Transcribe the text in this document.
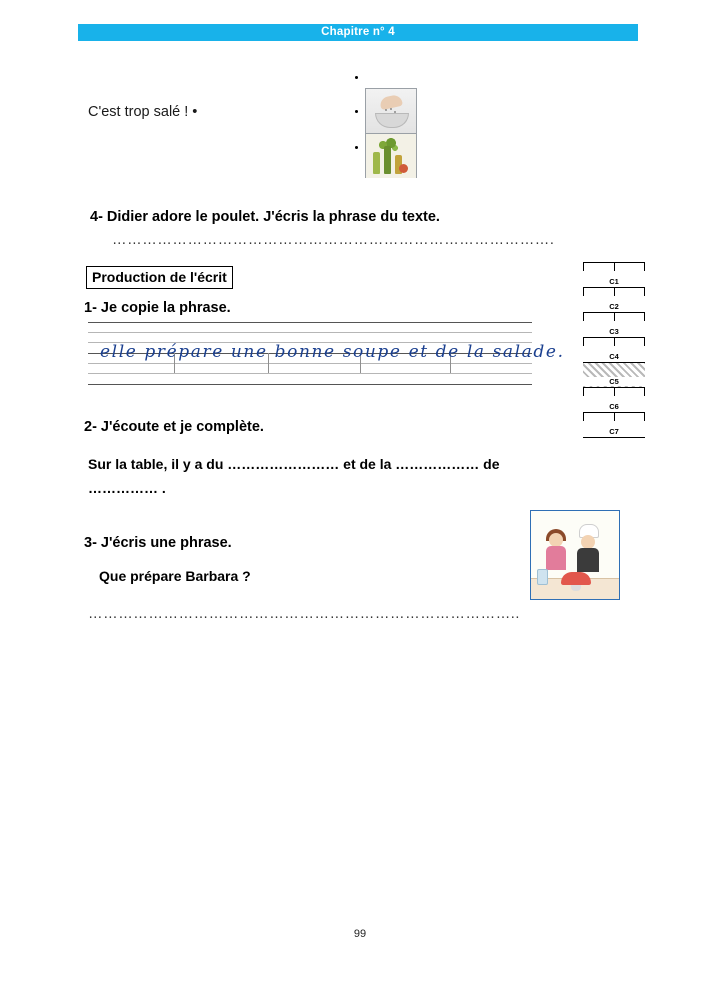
Chapitre n° 4
C'est trop salé ! •
4- Didier adore le poulet. J'écris la phrase du texte.
…………………………………………………………………………….
Production de l'écrit
1- Je copie la phrase.
elle prépare une bonne soupe et de la salade.
C1
C2
C3
C4
C5
C6
C7
2- J'écoute et je complète.
Sur la table, il y a du …………………… et de la ……………… de
…………… .
3- J'écris une phrase.
Que prépare Barbara ?
…………………………………………………………………………..
99
